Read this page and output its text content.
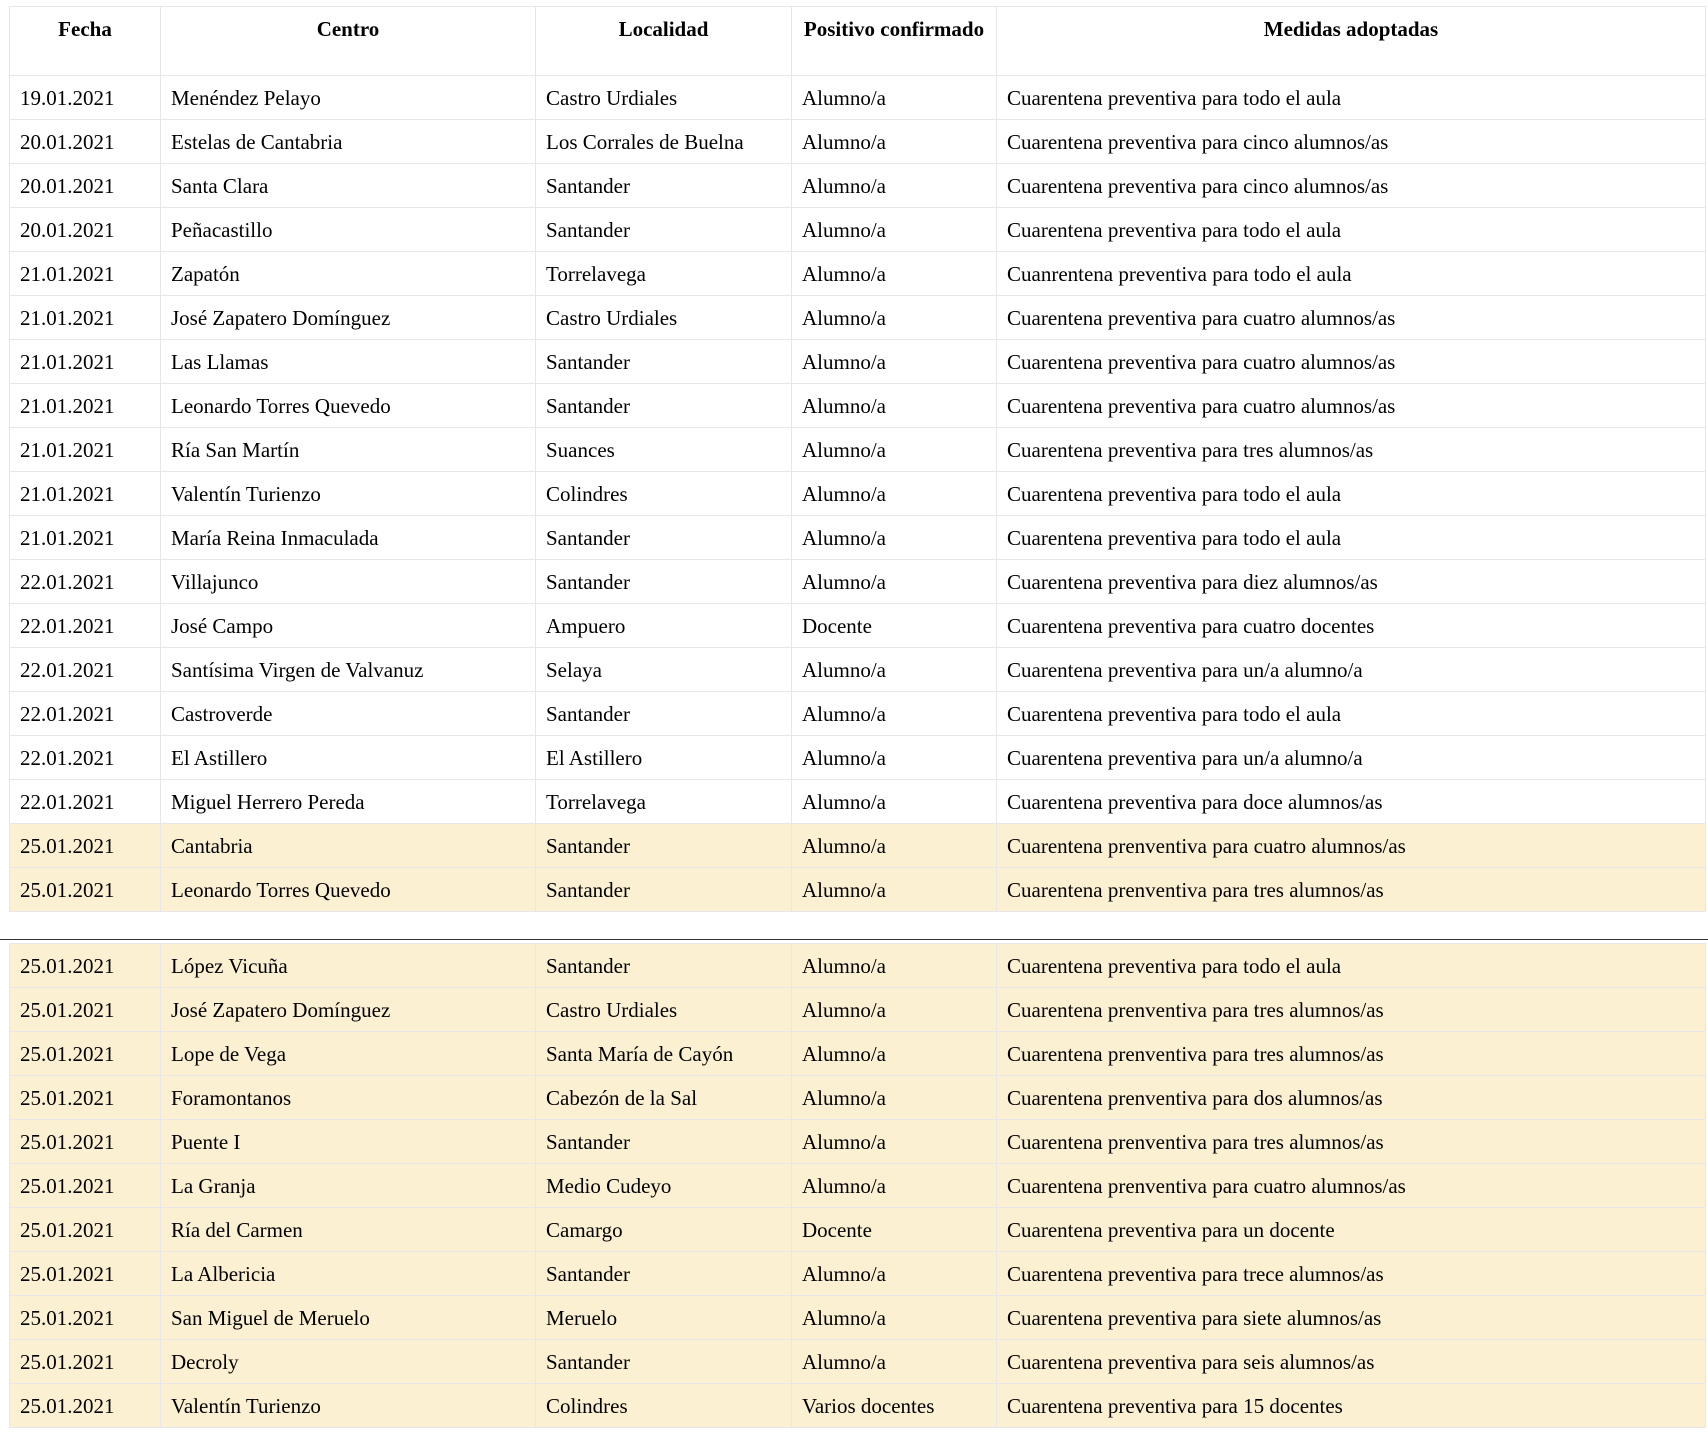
Fecha	Centro	Localidad	Positivo confirmado	Medidas adoptadas
19.01.2021	Menéndez Pelayo	Castro Urdiales	Alumno/a	Cuarentena preventiva para todo el aula
20.01.2021	Estelas de Cantabria	Los Corrales de Buelna	Alumno/a	Cuarentena preventiva para cinco alumnos/as
20.01.2021	Santa Clara	Santander	Alumno/a	Cuarentena preventiva para cinco alumnos/as
20.01.2021	Peñacastillo	Santander	Alumno/a	Cuarentena preventiva para todo el aula
21.01.2021	Zapatón	Torrelavega	Alumno/a	Cuanrentena preventiva para todo el aula
21.01.2021	José Zapatero Domínguez	Castro Urdiales	Alumno/a	Cuarentena preventiva para cuatro alumnos/as
21.01.2021	Las Llamas	Santander	Alumno/a	Cuarentena preventiva para cuatro alumnos/as
21.01.2021	Leonardo Torres Quevedo	Santander	Alumno/a	Cuarentena preventiva para cuatro alumnos/as
21.01.2021	Ría San Martín	Suances	Alumno/a	Cuarentena preventiva para tres alumnos/as
21.01.2021	Valentín Turienzo	Colindres	Alumno/a	Cuarentena preventiva para todo el aula
21.01.2021	María Reina Inmaculada	Santander	Alumno/a	Cuarentena preventiva para todo el aula
22.01.2021	Villajunco	Santander	Alumno/a	Cuarentena preventiva para diez alumnos/as
22.01.2021	José Campo	Ampuero	Docente	Cuarentena preventiva para cuatro docentes
22.01.2021	Santísima Virgen de Valvanuz	Selaya	Alumno/a	Cuarentena preventiva para un/a alumno/a
22.01.2021	Castroverde	Santander	Alumno/a	Cuarentena preventiva para todo el aula
22.01.2021	El Astillero	El Astillero	Alumno/a	Cuarentena preventiva para un/a alumno/a
22.01.2021	Miguel Herrero Pereda	Torrelavega	Alumno/a	Cuarentena preventiva para doce alumnos/as
25.01.2021	Cantabria	Santander	Alumno/a	Cuarentena prenventiva para cuatro alumnos/as
25.01.2021	Leonardo Torres Quevedo	Santander	Alumno/a	Cuarentena prenventiva para tres alumnos/as
25.01.2021	López Vicuña	Santander	Alumno/a	Cuarentena preventiva para todo el aula
25.01.2021	José Zapatero Domínguez	Castro Urdiales	Alumno/a	Cuarentena prenventiva para tres alumnos/as
25.01.2021	Lope de Vega	Santa María de Cayón	Alumno/a	Cuarentena prenventiva para tres alumnos/as
25.01.2021	Foramontanos	Cabezón de la Sal	Alumno/a	Cuarentena prenventiva para dos alumnos/as
25.01.2021	Puente I	Santander	Alumno/a	Cuarentena prenventiva para tres alumnos/as
25.01.2021	La Granja	Medio Cudeyo	Alumno/a	Cuarentena prenventiva para cuatro alumnos/as
25.01.2021	Ría del Carmen	Camargo	Docente	Cuarentena preventiva para un docente
25.01.2021	La Albericia	Santander	Alumno/a	Cuarentena preventiva para trece alumnos/as
25.01.2021	San Miguel de Meruelo	Meruelo	Alumno/a	Cuarentena preventiva para siete alumnos/as
25.01.2021	Decroly	Santander	Alumno/a	Cuarentena preventiva para seis alumnos/as
25.01.2021	Valentín Turienzo	Colindres	Varios docentes	Cuarentena preventiva para 15 docentes
